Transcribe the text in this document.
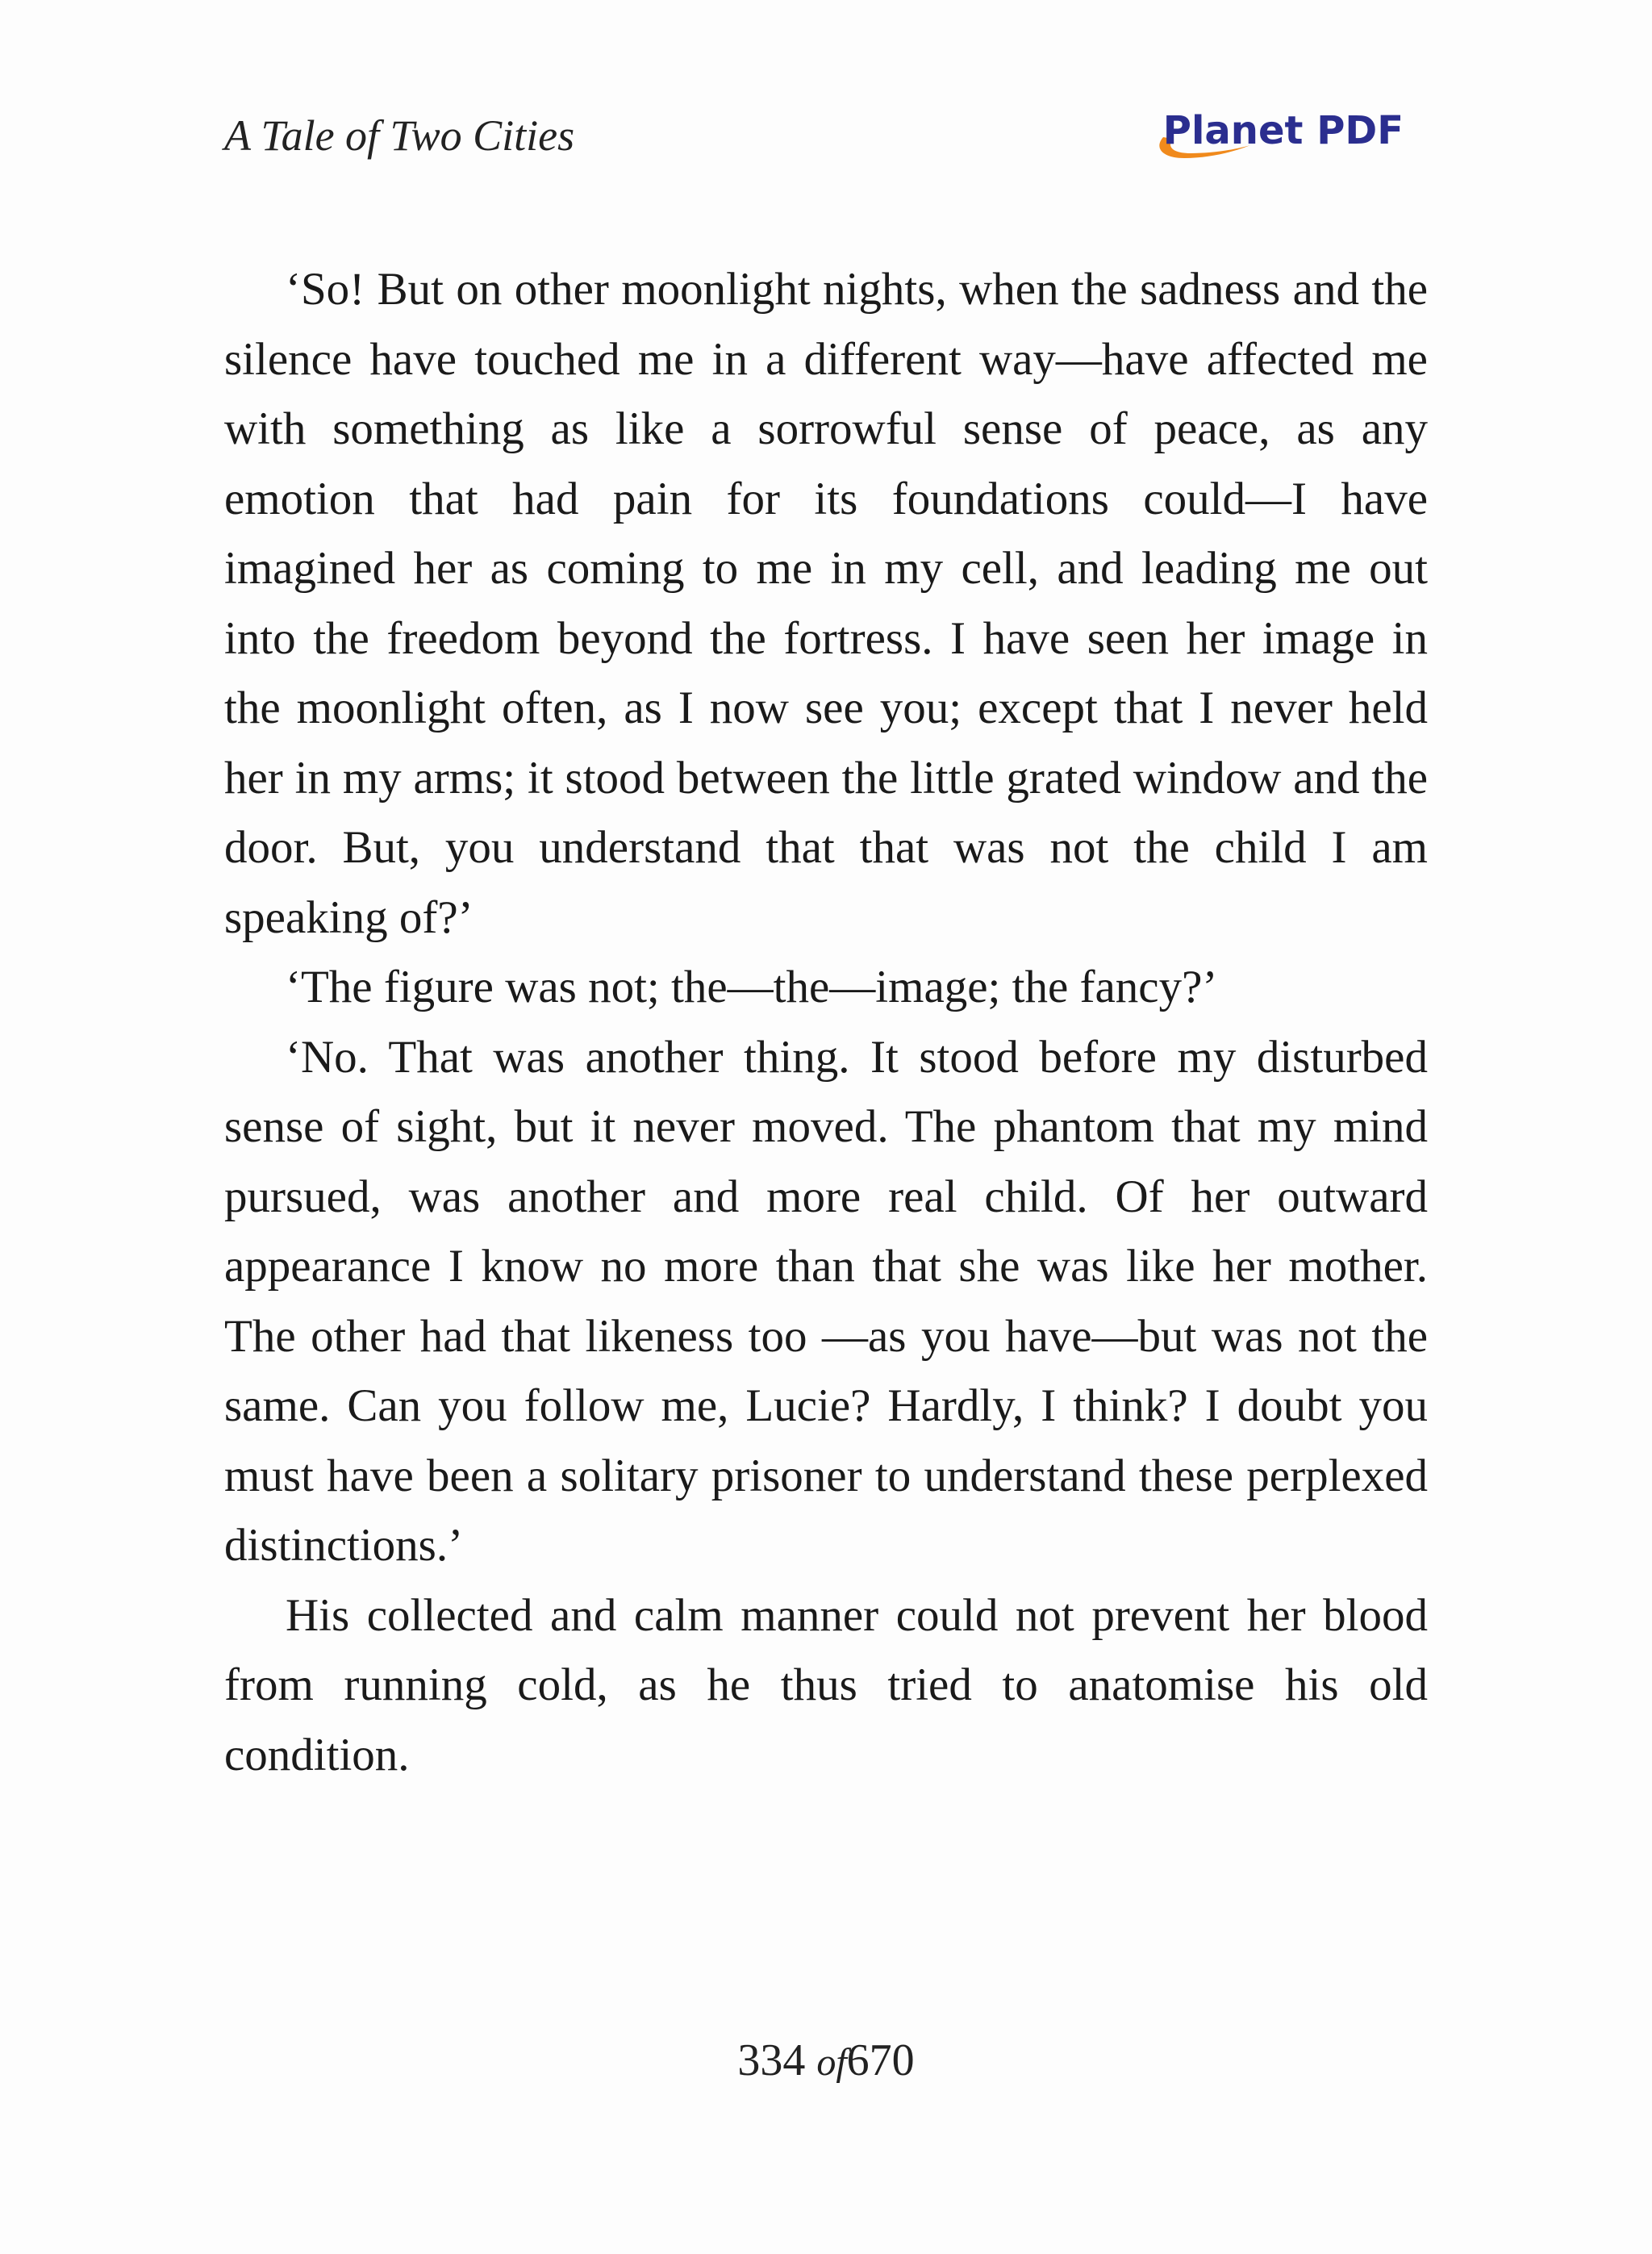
A Tale of Two Cities	Planet PDF

‘So! But on other moonlight nights, when the sadness and the silence have touched me in a different way—have affected me with something as like a sorrowful sense of peace, as any emotion that had pain for its foundations could—I have imagined her as coming to me in my cell, and leading me out into the freedom beyond the fortress. I have seen her image in the moonlight often, as I now see you; except that I never held her in my arms; it stood between the little grated window and the door. But, you understand that that was not the child I am speaking of?’

‘The figure was not; the—the—image; the fancy?’

‘No. That was another thing. It stood before my disturbed sense of sight, but it never moved. The phantom that my mind pursued, was another and more real child. Of her outward appearance I know no more than that she was like her mother. The other had that likeness too —as you have—but was not the same. Can you follow me, Lucie? Hardly, I think? I doubt you must have been a solitary prisoner to understand these perplexed distinctions.’

His collected and calm manner could not prevent her blood from running cold, as he thus tried to anatomise his old condition.

334 of670
